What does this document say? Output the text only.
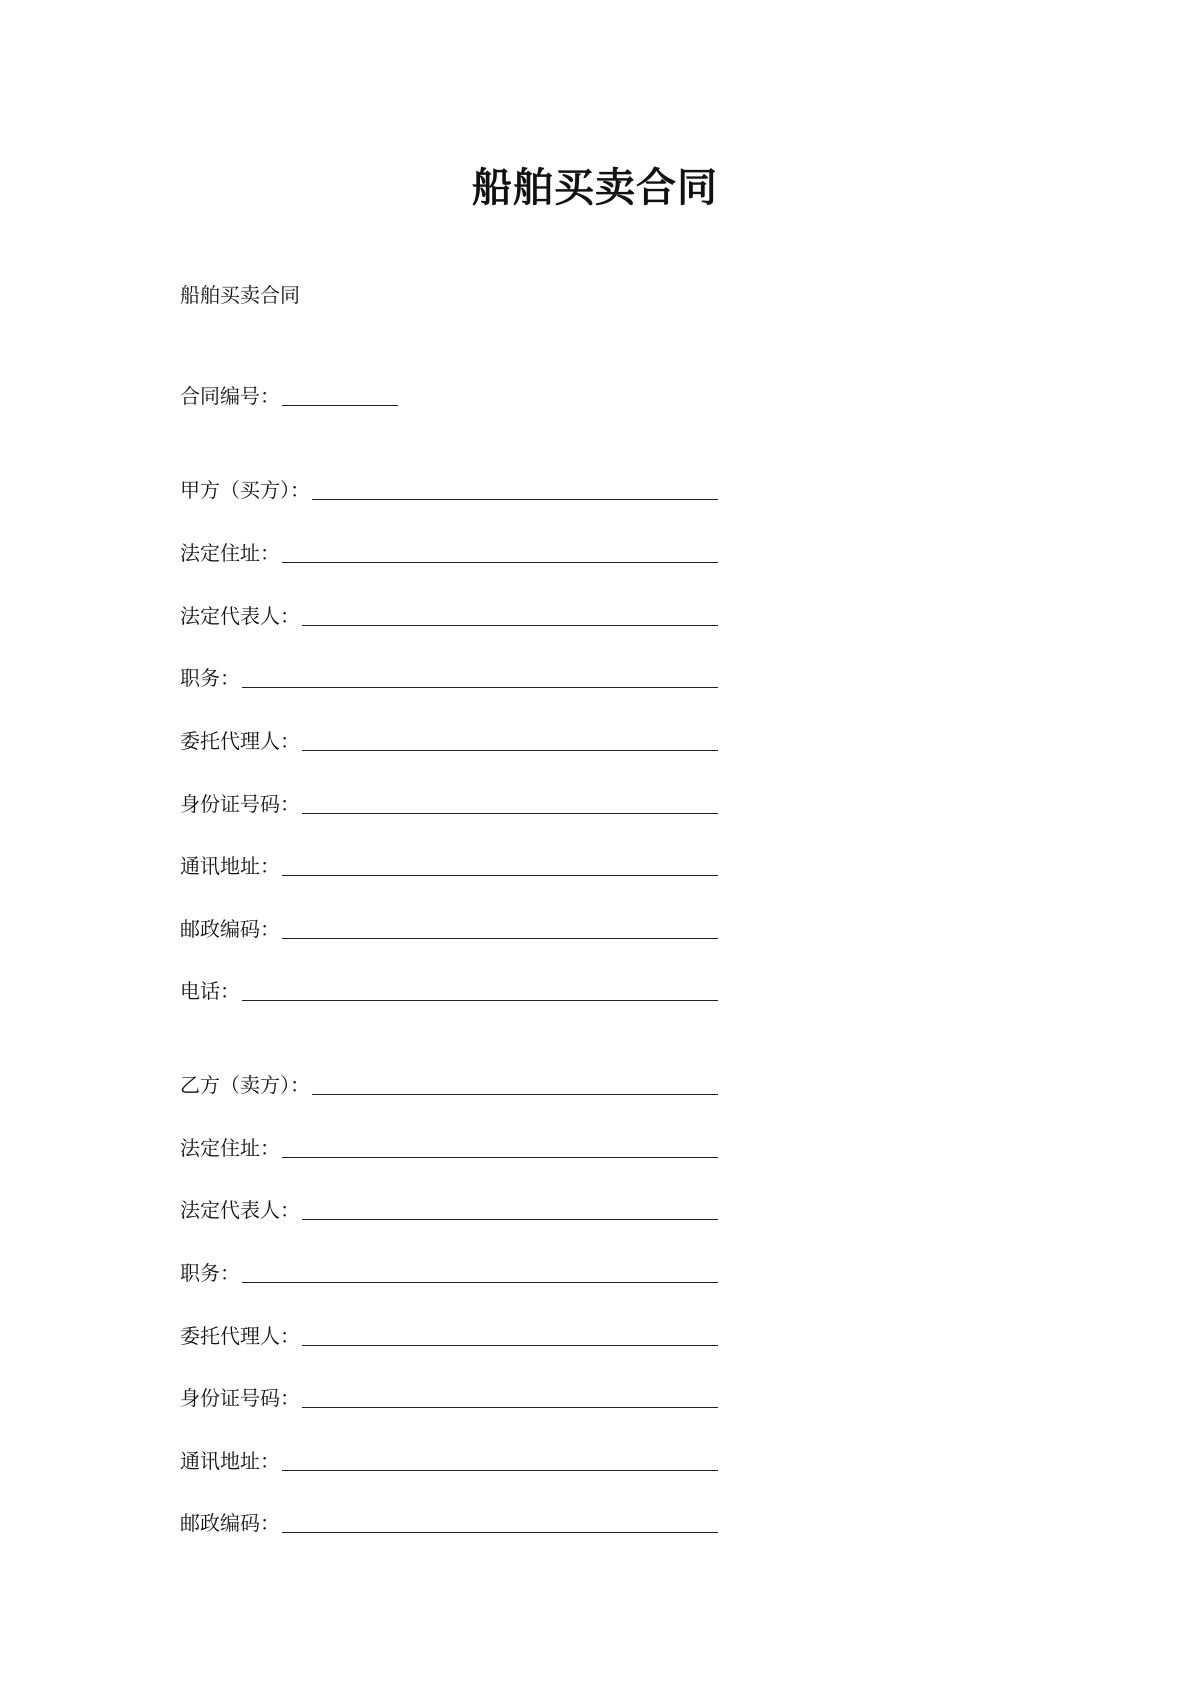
船舶买卖合同
船舶买卖合同
合同编号：
甲方（买方）：
法定住址：
法定代表人：
职务：
委托代理人：
身份证号码：
通讯地址：
邮政编码：
电话：
乙方（卖方）：
法定住址：
法定代表人：
职务：
委托代理人：
身份证号码：
通讯地址：
邮政编码：
